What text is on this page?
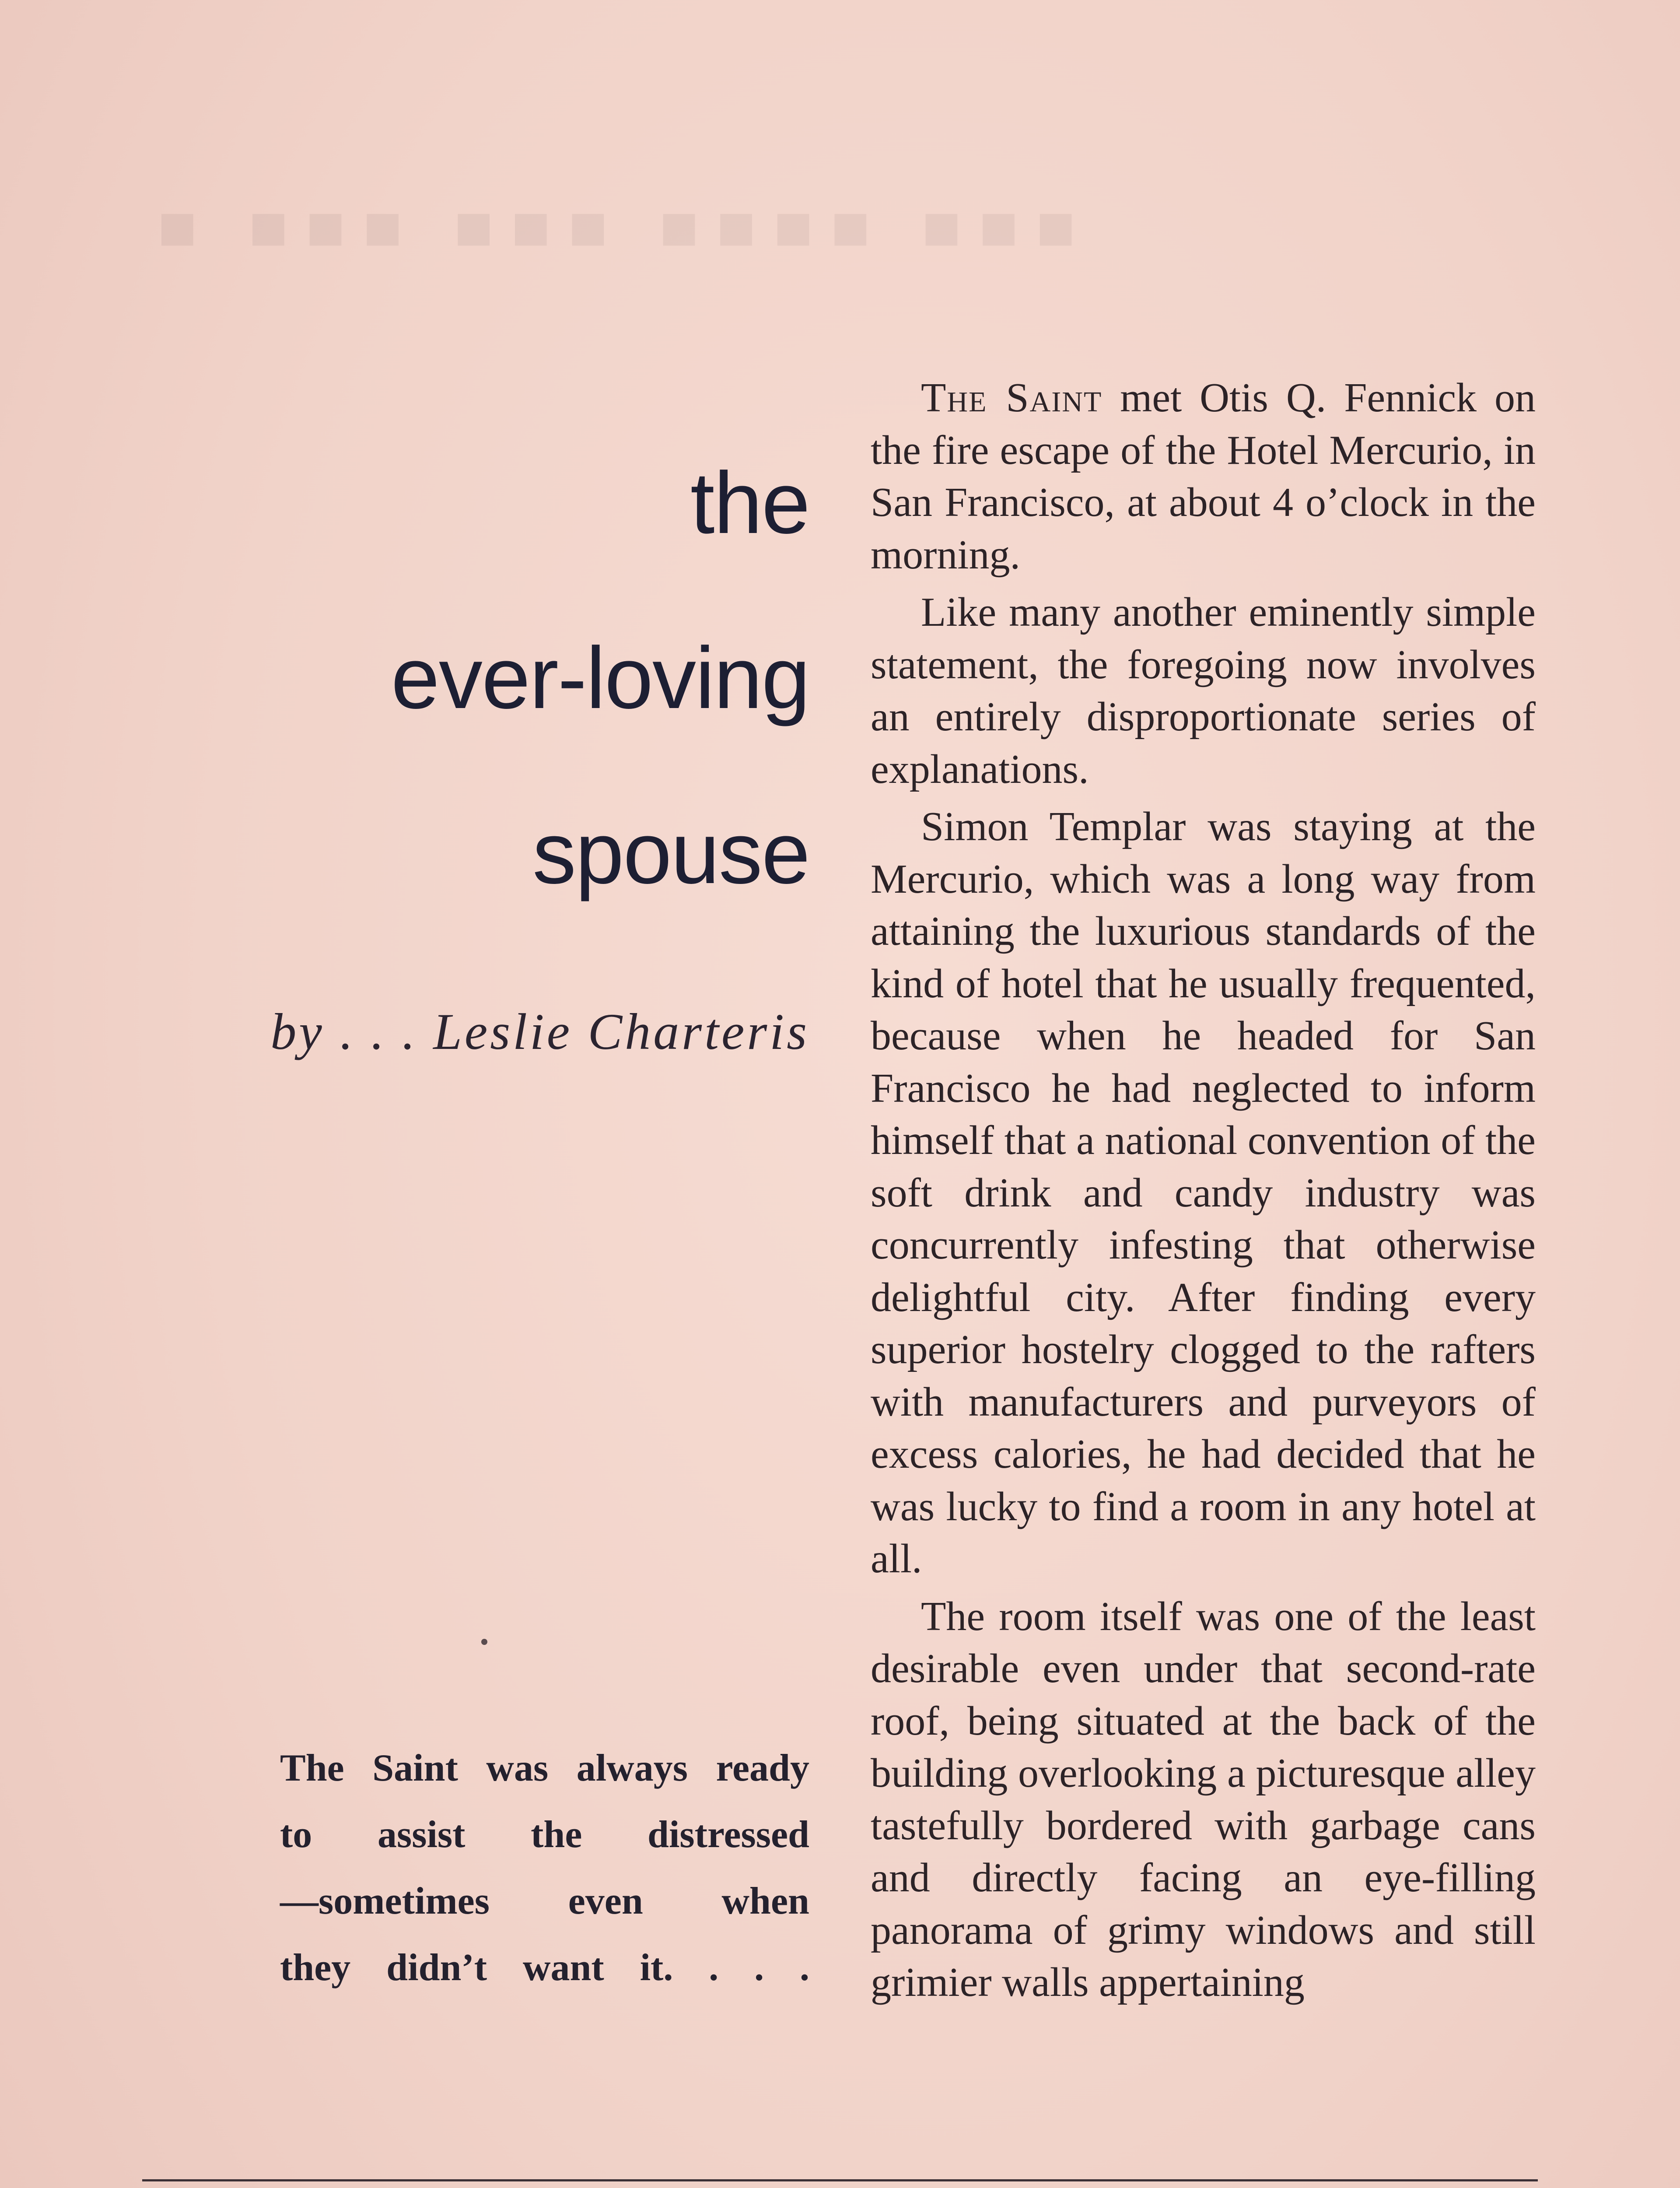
■ ■■■ ■■■ ■■■■ ■■■
the
ever-loving
spouse
by . . . Leslie Charteris
The Saint was always ready
to assist the distressed
—sometimes even when
they didn’t want it. . . .

The Saint met Otis Q. Fennick on the fire escape of the Hotel Mercurio, in San Francisco, at about 4 o’clock in the morning.

Like many another eminently simple statement, the foregoing now involves an entirely disproportionate series of explanations.

Simon Templar was staying at the Mercurio, which was a long way from attaining the luxurious standards of the kind of hotel that he usually frequented, because when he headed for San Francisco he had neglected to inform himself that a national convention of the soft drink and candy industry was concurrently infesting that otherwise delightful city. After finding every superior hostelry clogged to the rafters with manufacturers and purveyors of excess calories, he had decided that he was lucky to find a room in any hotel at all.

The room itself was one of the least desirable even under that second-rate roof, being situated at the back of the building overlooking a picturesque alley tastefully bordered with garbage cans and directly facing an eye-filling panorama of grimy windows and still grimier walls appertaining
